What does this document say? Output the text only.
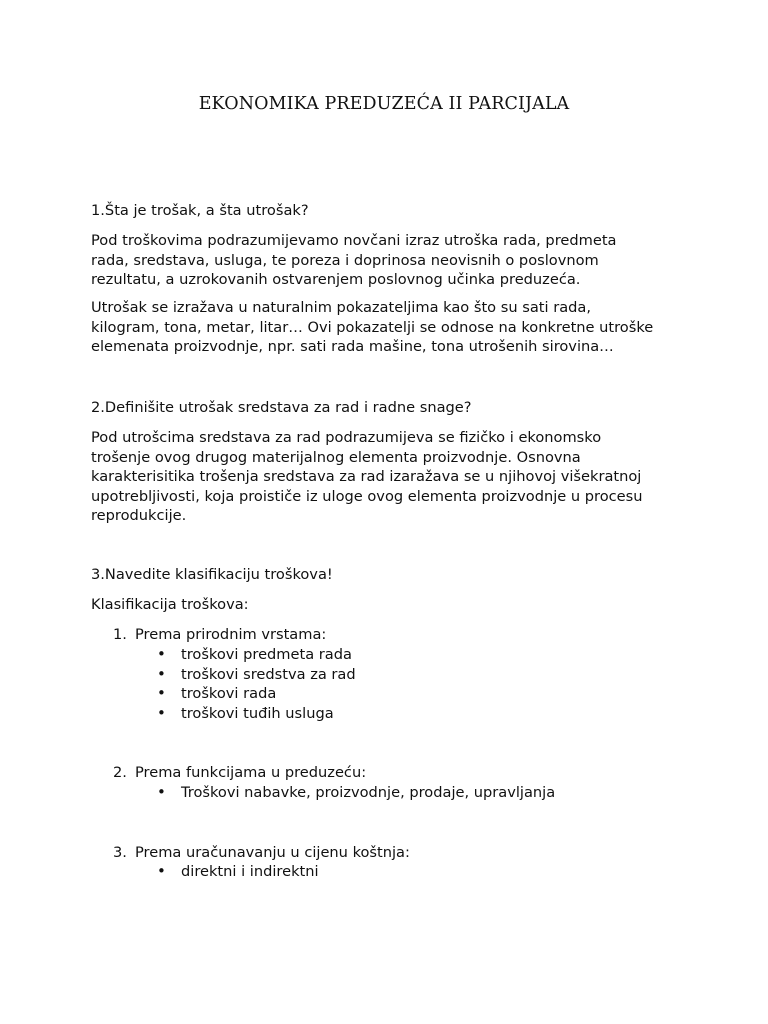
EKONOMIKA PREDUZEĆA II PARCIJALA

1.Šta je trošak, a šta utrošak?

Pod troškovima podrazumijevamo novčani izraz utroška rada, predmeta
rada, sredstava, usluga, te poreza i doprinosa neovisnih o poslovnom
rezultatu, a uzrokovanih ostvarenjem poslovnog učinka preduzeća.
Utrošak se izražava u naturalnim pokazateljima kao što su sati rada,
kilogram, tona, metar, litar… Ovi pokazatelji se odnose na konkretne utroške
elemenata proizvodnje, npr. sati rada mašine, tona utrošenih sirovina…

2.Definišite utrošak sredstava za rad i radne snage?

Pod utrošcima sredstava za rad podrazumijeva se fizičko i ekonomsko
trošenje ovog drugog materijalnog elementa proizvodnje. Osnovna
karakterisitika trošenja sredstava za rad izaražava se u njihovoj višekratnoj
upotrebljivosti, koja proističe iz uloge ovog elementa proizvodnje u procesu
reprodukcije.

3.Navedite klasifikaciju troškova!

Klasifikacija troškova:

1. Prema prirodnim vrstama:

• troškovi predmeta rada
• troškovi sredstva za rad
• troškovi rada
• troškovi tuđih usluga

2. Prema funkcijama u preduzeću:

• Troškovi nabavke, proizvodnje, prodaje, upravljanja

3. Prema uračunavanju u cijenu koštnja:

• direktni i indirektni
